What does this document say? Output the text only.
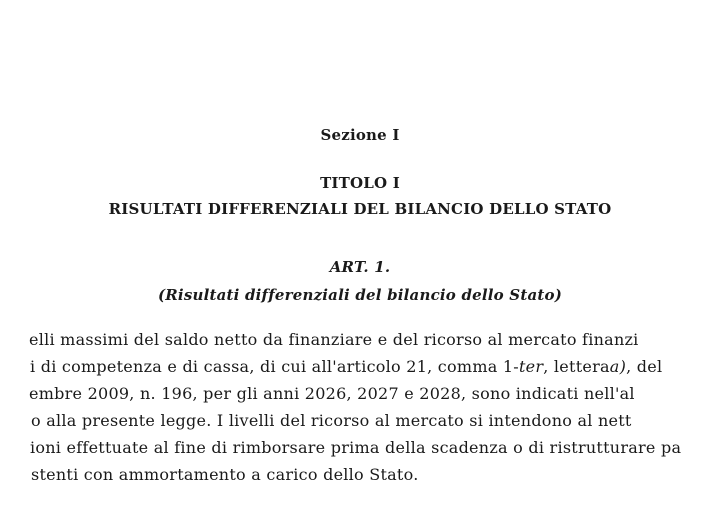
Sezione I
TITOLO I
RISULTATI DIFFERENZIALI DEL BILANCIO DELLO STATO
ART. 1.
(Risultati differenziali del bilancio dello Stato)
elli massimi del saldo netto da finanziare e del ricorso al mercato finanzi
i di competenza e di cassa, di cui all'articolo 21, comma 1-ter, letteraa), del
embre 2009, n. 196, per gli anni 2026, 2027 e 2028, sono indicati nell'al
o alla presente legge. I livelli del ricorso al mercato si intendono al nett
ioni effettuate al fine di rimborsare prima della scadenza o di ristrutturare pa
stenti con ammortamento a carico dello Stato.
